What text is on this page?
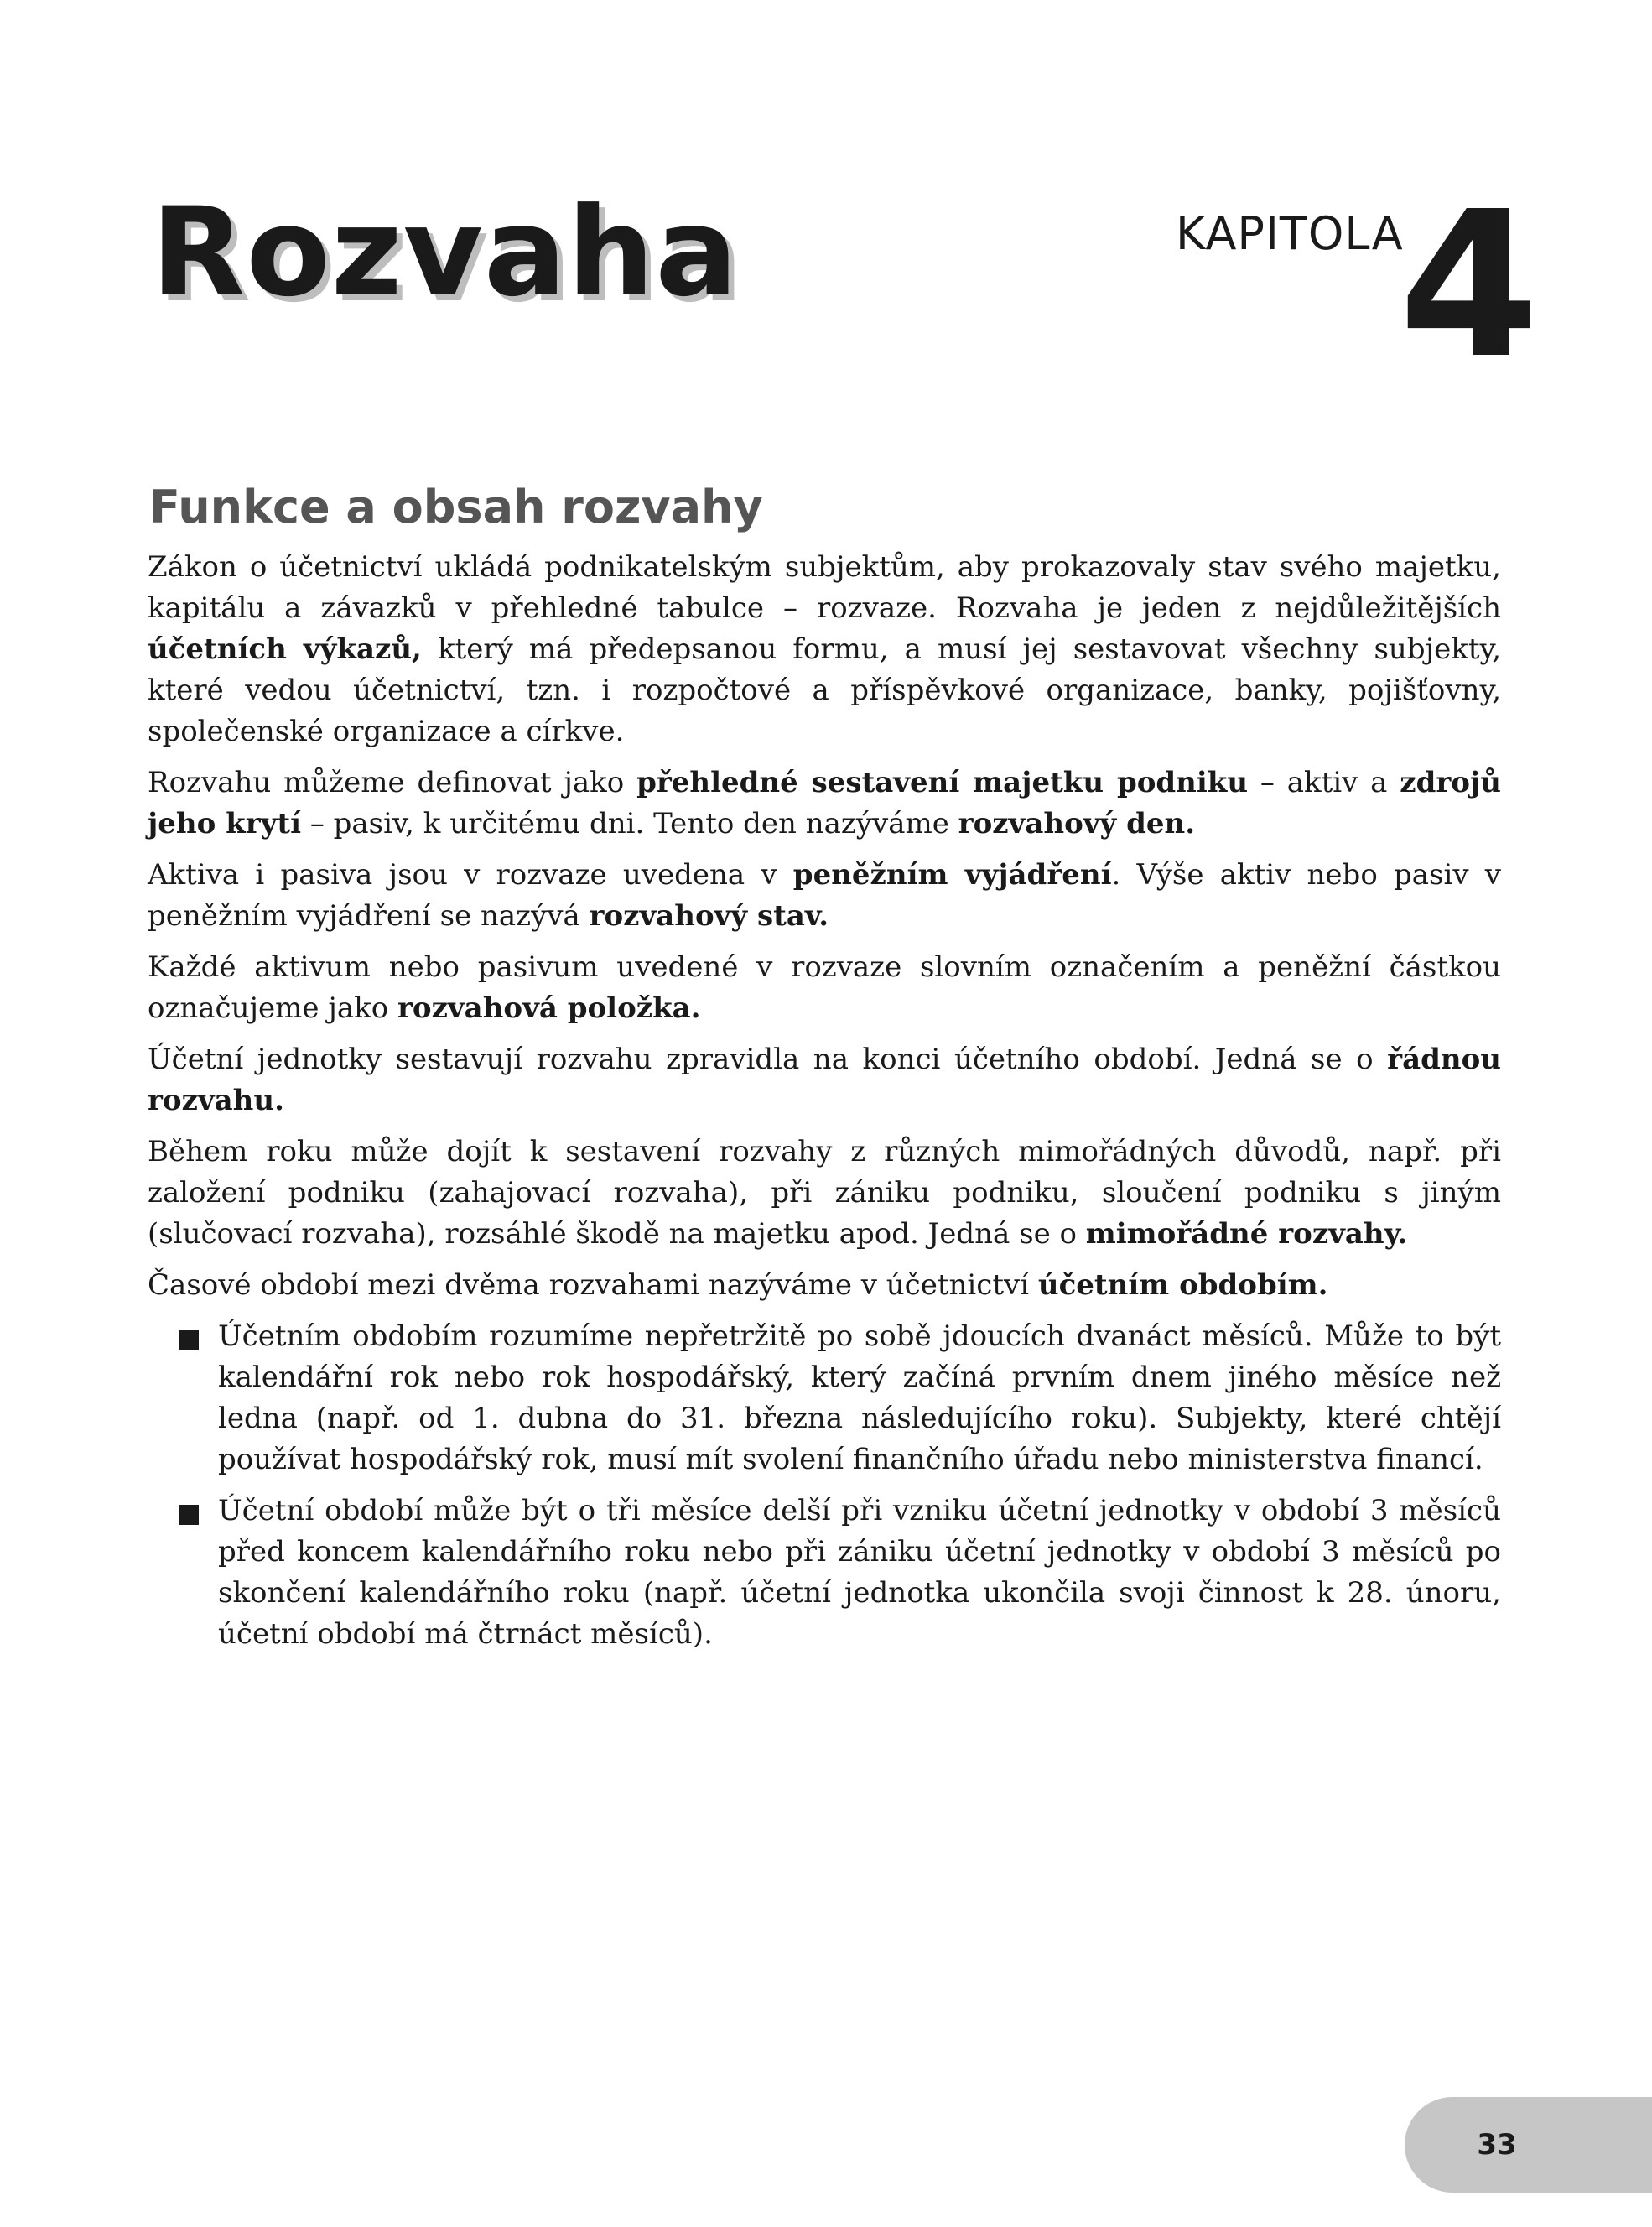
Rozvaha	KAPITOLA
4
Funkce a obsah rozvahy

Zákon o účetnictví ukládá podnikatelským subjektům, aby prokazovaly stav svého majetku, kapitálu a závazků v přehledné tabulce – rozvaze. Rozvaha je jeden z nejdůležitějších účetních výkazů, který má předepsanou formu, a musí jej sestavovat všechny subjekty, které vedou účetnictví, tzn. i rozpočtové a příspěvkové organizace, banky, pojišťovny, společenské organizace a církve.

Rozvahu můžeme definovat jako přehledné sestavení majetku podniku – aktiv a zdrojů jeho krytí – pasiv, k určitému dni. Tento den nazýváme rozvahový den.

Aktiva i pasiva jsou v rozvaze uvedena v peněžním vyjádření. Výše aktiv nebo pasiv v peněžním vyjádření se nazývá rozvahový stav.

Každé aktivum nebo pasivum uvedené v rozvaze slovním označením a peněžní částkou označujeme jako rozvahová položka.

Účetní jednotky sestavují rozvahu zpravidla na konci účetního období. Jedná se o řádnou rozvahu.

Během roku může dojít k sestavení rozvahy z různých mimořádných důvodů, např. při založení podniku (zahajovací rozvaha), při zániku podniku, sloučení podniku s jiným (slučovací rozvaha), rozsáhlé škodě na majetku apod. Jedná se o mimořádné rozvahy.

Časové období mezi dvěma rozvahami nazýváme v účetnictví účetním obdobím.

Účetním obdobím rozumíme nepřetržitě po sobě jdoucích dvanáct měsíců. Může to být kalendářní rok nebo rok hospodářský, který začíná prvním dnem jiného měsíce než ledna (např. od 1. dubna do 31. března následujícího roku). Subjekty, které chtějí používat hospodářský rok, musí mít svolení finančního úřadu nebo ministerstva financí.
Účetní období může být o tři měsíce delší při vzniku účetní jednotky v období 3 měsíců před koncem kalendářního roku nebo při zániku účetní jednotky v období 3 měsíců po skončení kalendářního roku (např. účetní jednotka ukončila svoji činnost k 28. únoru, účetní období má čtrnáct měsíců).
33
